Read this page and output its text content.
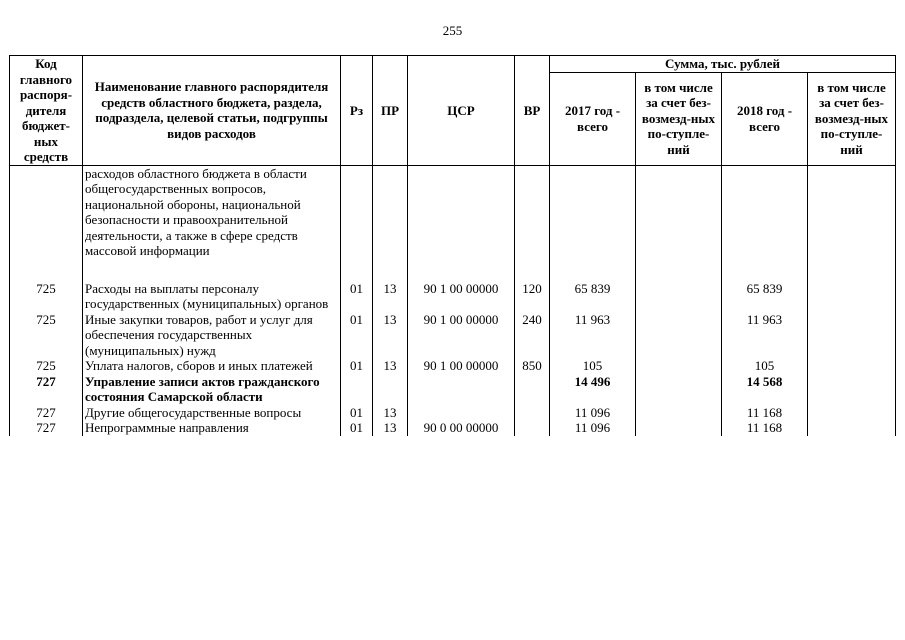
255
Код главного распоря-дителя бюджет-ных средств	Наименование главного распорядителя средств областного бюджета, раздела, подраздела, целевой статьи, подгруппы видов расходов	Рз	ПР	ЦСР	ВР	Сумма, тыс. рублей			
						2017 год - всего	в том числе за счет без-возмезд-ных по-ступле-ний	2018 год - всего	в том числе за счет без-возмезд-ных по-ступле-ний
	расходов областного бюджета в области общегосударственных вопросов, национальной обороны, национальной безопасности и правоохранительной деятельности, а также в сфере средств массовой информации								

725	Расходы на выплаты персоналу государственных (муниципальных) органов	01	13	90 1 00 00000	120	65 839		65 839	
725	Иные закупки товаров, работ и услуг для обеспечения государственных (муниципальных) нужд	01	13	90 1 00 00000	240	11 963		11 963	
725	Уплата налогов, сборов и иных платежей	01	13	90 1 00 00000	850	105		105	
727	Управление записи актов гражданского состояния Самарской области					14 496		14 568	
727	Другие общегосударственные вопросы	01	13			11 096		11 168	
727	Непрограммные направления	01	13	90 0 00 00000		11 096		11 168	
